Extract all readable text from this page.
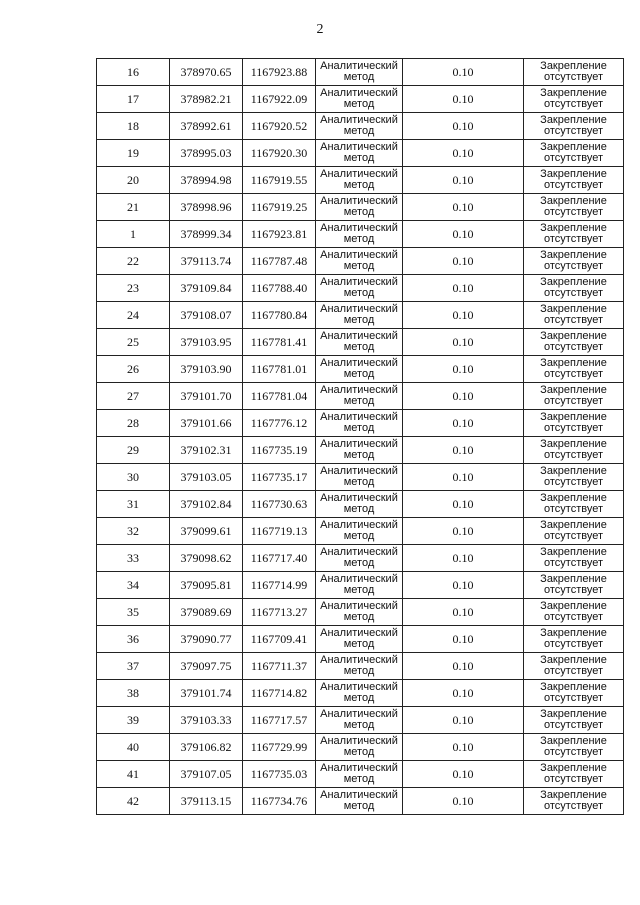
2
16	378970.65	1167923.88	Аналитический
метод	0.10	Закрепление
отсутствует

17	378982.21	1167922.09	Аналитический
метод	0.10	Закрепление
отсутствует

18	378992.61	1167920.52	Аналитический
метод	0.10	Закрепление
отсутствует

19	378995.03	1167920.30	Аналитический
метод	0.10	Закрепление
отсутствует

20	378994.98	1167919.55	Аналитический
метод	0.10	Закрепление
отсутствует

21	378998.96	1167919.25	Аналитический
метод	0.10	Закрепление
отсутствует

1	378999.34	1167923.81	Аналитический
метод	0.10	Закрепление
отсутствует

22	379113.74	1167787.48	Аналитический
метод	0.10	Закрепление
отсутствует

23	379109.84	1167788.40	Аналитический
метод	0.10	Закрепление
отсутствует

24	379108.07	1167780.84	Аналитический
метод	0.10	Закрепление
отсутствует

25	379103.95	1167781.41	Аналитический
метод	0.10	Закрепление
отсутствует

26	379103.90	1167781.01	Аналитический
метод	0.10	Закрепление
отсутствует

27	379101.70	1167781.04	Аналитический
метод	0.10	Закрепление
отсутствует

28	379101.66	1167776.12	Аналитический
метод	0.10	Закрепление
отсутствует

29	379102.31	1167735.19	Аналитический
метод	0.10	Закрепление
отсутствует

30	379103.05	1167735.17	Аналитический
метод	0.10	Закрепление
отсутствует

31	379102.84	1167730.63	Аналитический
метод	0.10	Закрепление
отсутствует

32	379099.61	1167719.13	Аналитический
метод	0.10	Закрепление
отсутствует

33	379098.62	1167717.40	Аналитический
метод	0.10	Закрепление
отсутствует

34	379095.81	1167714.99	Аналитический
метод	0.10	Закрепление
отсутствует

35	379089.69	1167713.27	Аналитический
метод	0.10	Закрепление
отсутствует

36	379090.77	1167709.41	Аналитический
метод	0.10	Закрепление
отсутствует

37	379097.75	1167711.37	Аналитический
метод	0.10	Закрепление
отсутствует

38	379101.74	1167714.82	Аналитический
метод	0.10	Закрепление
отсутствует

39	379103.33	1167717.57	Аналитический
метод	0.10	Закрепление
отсутствует

40	379106.82	1167729.99	Аналитический
метод	0.10	Закрепление
отсутствует

41	379107.05	1167735.03	Аналитический
метод	0.10	Закрепление
отсутствует

42	379113.15	1167734.76	Аналитический
метод	0.10	Закрепление
отсутствует
